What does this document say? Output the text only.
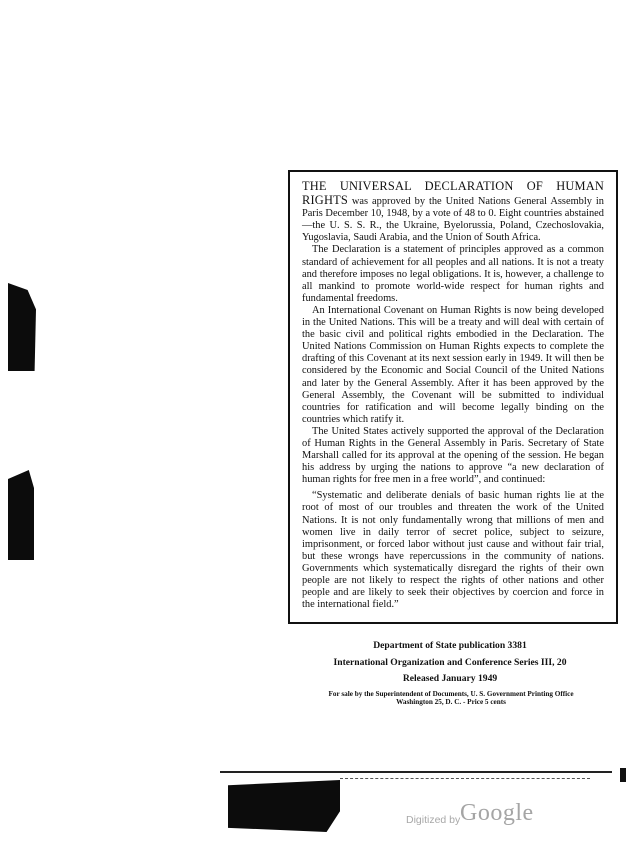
THE UNIVERSAL DECLARATION OF HUMAN RIGHTS was approved by the United Nations General Assembly in Paris December 10, 1948, by a vote of 48 to 0. Eight countries abstained—the U. S. S. R., the Ukraine, Byelorussia, Poland, Czechoslovakia, Yugoslavia, Saudi Arabia, and the Union of South Africa.

The Declaration is a statement of principles approved as a common standard of achievement for all peoples and all nations. It is not a treaty and therefore imposes no legal obligations. It is, however, a challenge to all mankind to promote world-wide respect for human rights and fundamental freedoms.

An International Covenant on Human Rights is now being developed in the United Nations. This will be a treaty and will deal with certain of the basic civil and political rights embodied in the Declaration. The United Nations Commission on Human Rights expects to complete the drafting of this Covenant at its next session early in 1949. It will then be considered by the Economic and Social Council of the United Nations and later by the General Assembly. After it has been approved by the General Assembly, the Covenant will be submitted to individual countries for ratification and will become legally binding on the countries which ratify it.

The United States actively supported the approval of the Declaration of Human Rights in the General Assembly in Paris. Secretary of State Marshall called for its approval at the opening of the session. He began his address by urging the nations to approve “a new declaration of human rights for free men in a free world”, and continued:

“Systematic and deliberate denials of basic human rights lie at the root of most of our troubles and threaten the work of the United Nations. It is not only fundamentally wrong that millions of men and women live in daily terror of secret police, subject to seizure, imprisonment, or forced labor without just cause and without fair trial, but these wrongs have repercussions in the community of nations. Governments which systematically disregard the rights of their own people are not likely to respect the rights of other nations and other people and are likely to seek their objectives by coercion and force in the international field.”

Department of State publication 3381
International Organization and Conference Series III, 20
Released January 1949
For sale by the Superintendent of Documents, U. S. Government Printing Office
Washington 25, D. C. - Price 5 cents
Digitized by Google
